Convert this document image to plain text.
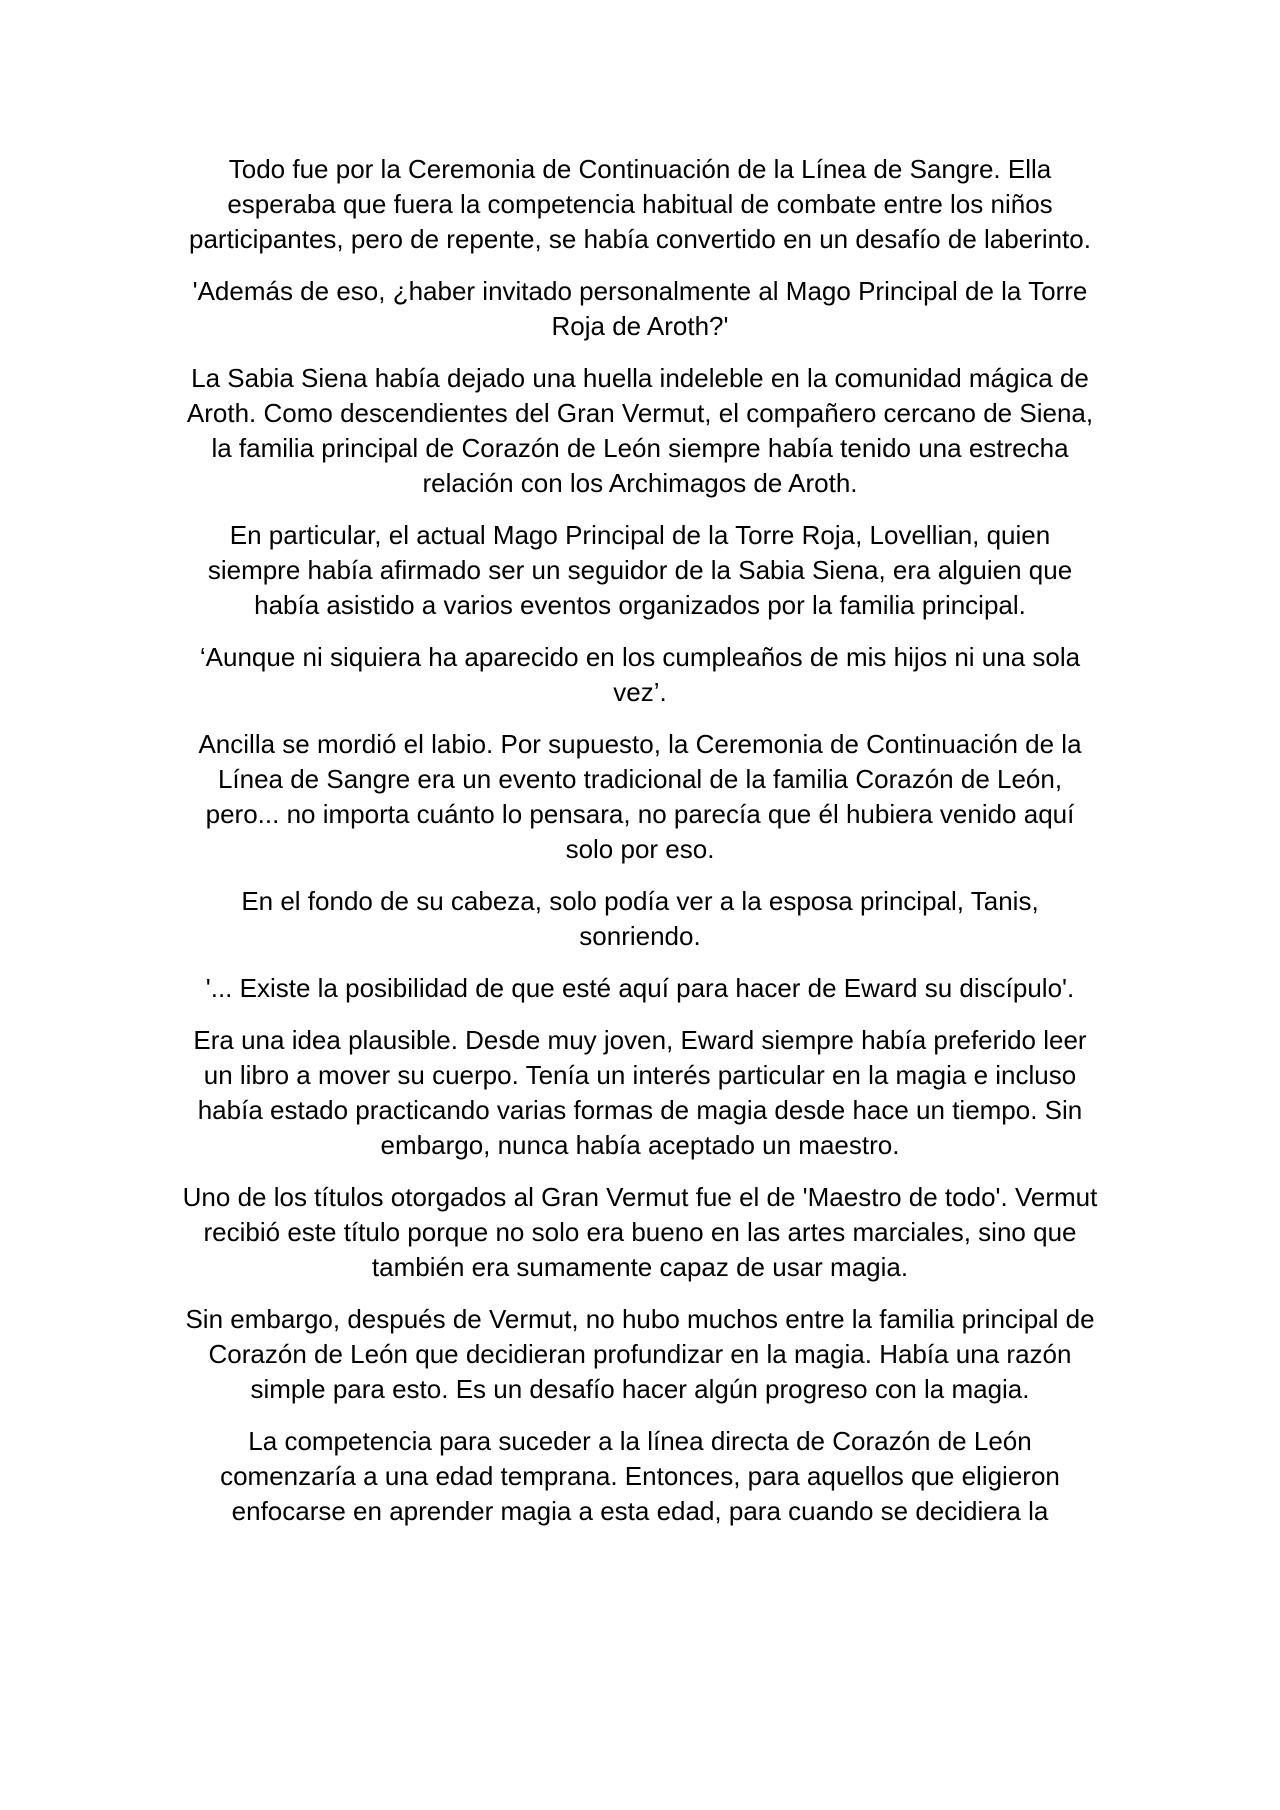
Todo fue por la Ceremonia de Continuación de la Línea de Sangre. Ella esperaba que fuera la competencia habitual de combate entre los niños participantes, pero de repente, se había convertido en un desafío de laberinto.

'Además de eso, ¿haber invitado personalmente al Mago Principal de la Torre Roja de Aroth?'

La Sabia Siena había dejado una huella indeleble en la comunidad mágica de Aroth. Como descendientes del Gran Vermut, el compañero cercano de Siena, la familia principal de Corazón de León siempre había tenido una estrecha relación con los Archimagos de Aroth.

En particular, el actual Mago Principal de la Torre Roja, Lovellian, quien siempre había afirmado ser un seguidor de la Sabia Siena, era alguien que había asistido a varios eventos organizados por la familia principal.

‘Aunque ni siquiera ha aparecido en los cumpleaños de mis hijos ni una sola vez’.

Ancilla se mordió el labio. Por supuesto, la Ceremonia de Continuación de la Línea de Sangre era un evento tradicional de la familia Corazón de León, pero... no importa cuánto lo pensara, no parecía que él hubiera venido aquí solo por eso.

En el fondo de su cabeza, solo podía ver a la esposa principal, Tanis, sonriendo.

'... Existe la posibilidad de que esté aquí para hacer de Eward su discípulo'.

Era una idea plausible. Desde muy joven, Eward siempre había preferido leer un libro a mover su cuerpo. Tenía un interés particular en la magia e incluso había estado practicando varias formas de magia desde hace un tiempo. Sin embargo, nunca había aceptado un maestro.

Uno de los títulos otorgados al Gran Vermut fue el de 'Maestro de todo'. Vermut recibió este título porque no solo era bueno en las artes marciales, sino que también era sumamente capaz de usar magia.

Sin embargo, después de Vermut, no hubo muchos entre la familia principal de Corazón de León que decidieran profundizar en la magia. Había una razón simple para esto. Es un desafío hacer algún progreso con la magia.

La competencia para suceder a la línea directa de Corazón de León comenzaría a una edad temprana. Entonces, para aquellos que eligieron enfocarse en aprender magia a esta edad, para cuando se decidiera la
